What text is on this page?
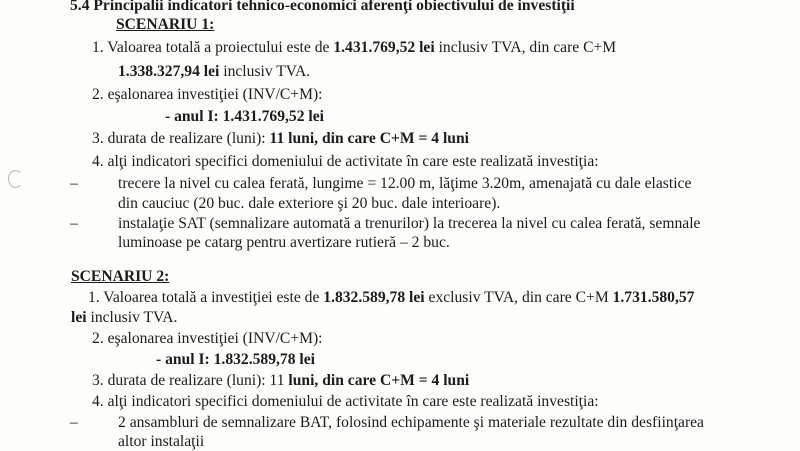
5.4 Principalii indicatori tehnico-economici aferenţi obiectivului de investiţii
SCENARIU 1:
1. Valoarea totală a proiectului este de 1.431.769,52 lei inclusiv TVA, din care C+M
1.338.327,94 lei inclusiv TVA.
2. eşalonarea investiţiei (INV/C+M):
- anul I: 1.431.769,52 lei
3. durata de realizare (luni): 11 luni, din care C+M = 4 luni
4. alţi indicatori specifici domeniului de activitate în care este realizată investiţia:
–	trecere la nivel cu calea ferată, lungime = 12.00 m, lăţime 3.20m, amenajată cu dale elastice
din cauciuc (20 buc. dale exteriore şi 20 buc. dale interioare).
–	instalaţie SAT (semnalizare automată a trenurilor) la trecerea la nivel cu calea ferată, semnale
luminoase pe catarg pentru avertizare rutieră – 2 buc.
SCENARIU 2:
1. Valoarea totală a investiţiei este de 1.832.589,78 lei exclusiv TVA, din care C+M 1.731.580,57
lei inclusiv TVA.
2. eşalonarea investiţiei (INV/C+M):
- anul I: 1.832.589,78 lei
3. durata de realizare (luni): 11 luni, din care C+M = 4 luni
4. alţi indicatori specifici domeniului de activitate în care este realizată investiţia:
–	2 ansambluri de semnalizare BAT, folosind echipamente şi materiale rezultate din desfiinţarea
altor instalaţii
